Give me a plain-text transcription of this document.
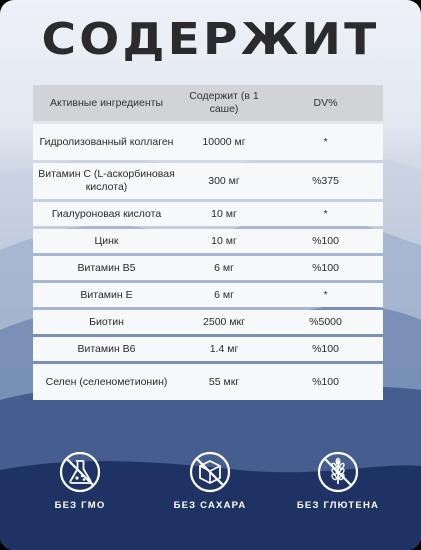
СОДЕРЖИТ
Активные ингредиенты	Содержит (в 1 саше)	DV%
Гидролизованный коллаген	10000 мг	*
Витамин С (L-аскорбиновая кислота)	300 мг	%375
Гиалуроновая кислота	10 мг	*
Цинк	10 мг	%100
Витамин В5	6 мг	%100
Витамин Е	6 мг	*
Биотин	2500 мкг	%5000
Витамин В6	1.4 мг	%100
Селен (селенометионин)	55 мкг	%100
БЕЗ ГМО	БЕЗ САХАРА	БЕЗ ГЛЮТЕНА
